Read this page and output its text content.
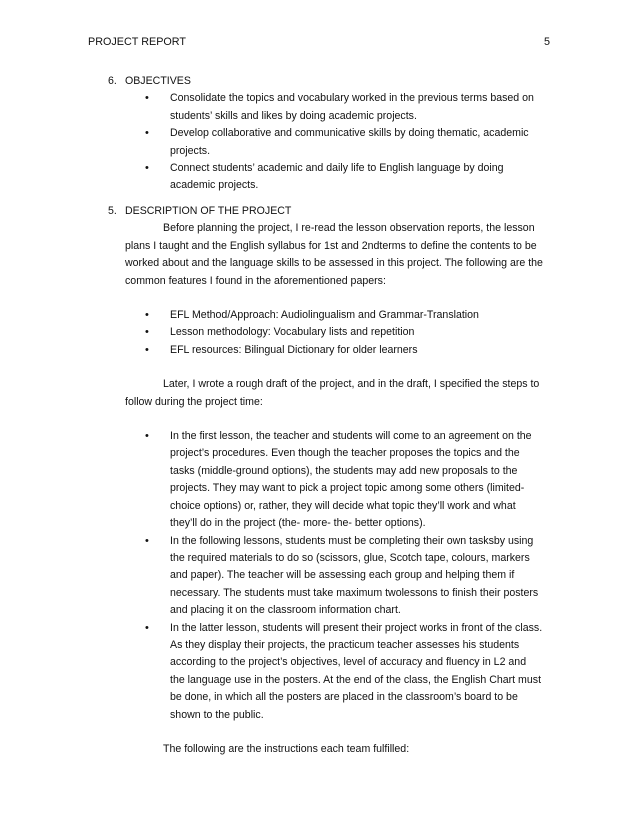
PROJECT REPORT	5
6. OBJECTIVES
• Consolidate the topics and vocabulary worked in the previous terms based on students’ skills and likes by doing academic projects.
• Develop collaborative and communicative skills by doing thematic, academic projects.
• Connect students’ academic and daily life to English language by doing academic projects.
5. DESCRIPTION OF THE PROJECT

Before planning the project, I re-read the lesson observation reports, the lesson plans I taught and the English syllabus for 1st and 2ndterms to define the contents to be worked about and the language skills to be assessed in this project. The following are the common features I found in the aforementioned papers:

• EFL Method/Approach: Audiolingualism and Grammar-Translation
• Lesson methodology: Vocabulary lists and repetition
• EFL resources: Bilingual Dictionary for older learners

Later, I wrote a rough draft of the project, and in the draft, I specified the steps to follow during the project time:

• In the first lesson, the teacher and students will come to an agreement on the project’s procedures. Even though the teacher proposes the topics and the tasks (middle-ground options), the students may add new proposals to the projects. They may want to pick a project topic among some others (limited-choice options) or, rather, they will decide what topic they’ll work and what they’ll do in the project (the- more- the- better options).
• In the following lessons, students must be completing their own tasksby using the required materials to do so (scissors, glue, Scotch tape, colours, markers and paper). The teacher will be assessing each group and helping them if necessary. The students must take maximum twolessons to finish their posters and placing it on the classroom information chart.
• In the latter lesson, students will present their project works in front of the class. As they display their projects, the practicum teacher assesses his students according to the project’s objectives, level of accuracy and fluency in L2 and the language use in the posters. At the end of the class, the English Chart must be done, in which all the posters are placed in the classroom’s board to be shown to the public.

The following are the instructions each team fulfilled:
